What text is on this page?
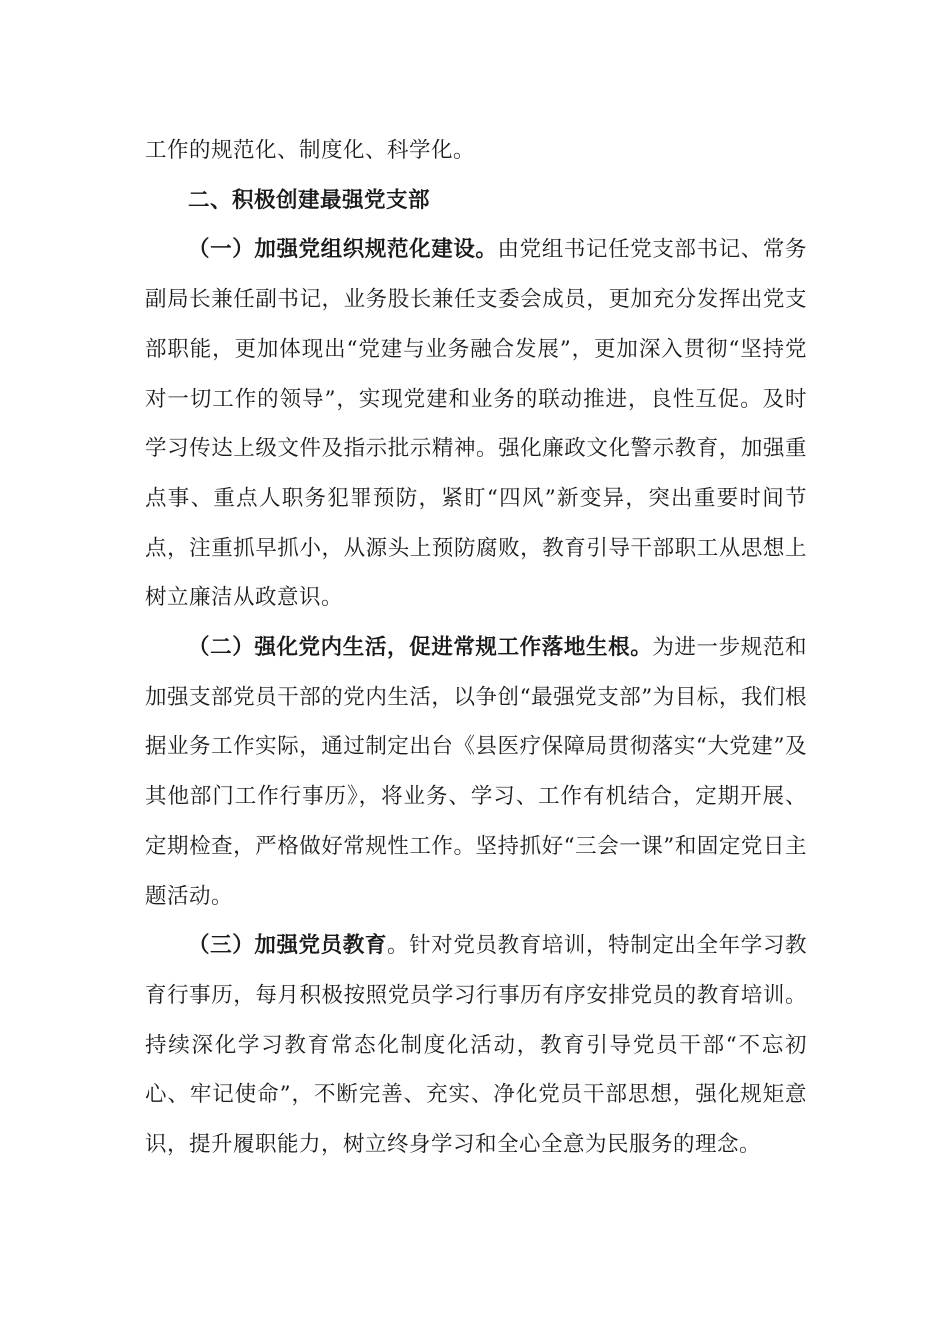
工作的规范化、制度化、科学化。

二、积极创建最强党支部

（一）加强党组织规范化建设。由党组书记任党支部书记、常务副局长兼任副书记，业务股长兼任支委会成员，更加充分发挥出党支部职能，更加体现出“党建与业务融合发展”，更加深入贯彻“坚持党对一切工作的领导”，实现党建和业务的联动推进，良性互促。及时学习传达上级文件及指示批示精神。强化廉政文化警示教育，加强重点事、重点人职务犯罪预防，紧盯“四风”新变异，突出重要时间节点，注重抓早抓小，从源头上预防腐败，教育引导干部职工从思想上树立廉洁从政意识。

（二）强化党内生活，促进常规工作落地生根。为进一步规范和加强支部党员干部的党内生活，以争创“最强党支部”为目标，我们根据业务工作实际，通过制定出台《县医疗保障局贯彻落实“大党建”及其他部门工作行事历》，将业务、学习、工作有机结合，定期开展、定期检查，严格做好常规性工作。坚持抓好“三会一课”和固定党日主题活动。

（三）加强党员教育。针对党员教育培训，特制定出全年学习教育行事历，每月积极按照党员学习行事历有序安排党员的教育培训。持续深化学习教育常态化制度化活动，教育引导党员干部“不忘初心、牢记使命”，不断完善、充实、净化党员干部思想，强化规矩意识，提升履职能力，树立终身学习和全心全意为民服务的理念。
